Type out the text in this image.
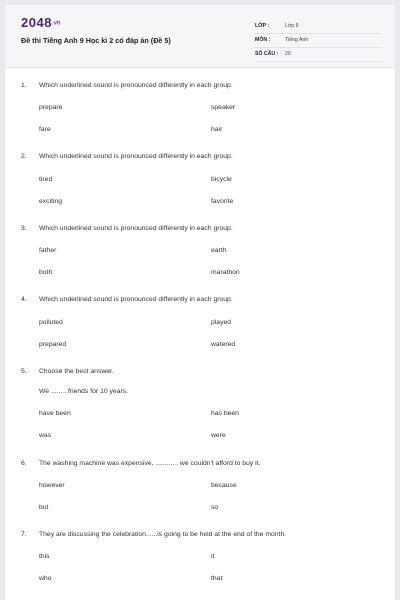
2048.vn
Đề thi Tiếng Anh 9 Học kì 2 có đáp án (Đề 5)
LỚP :	Lớp 9
MÔN :	Tiếng Anh
SỐ CÂU : 20
1. Which underlined sound is pronounced differently in each group.
prepare	speaker
fare	hair
2. Which underlined sound is pronounced differently in each group.
tired	bicycle
exciting	favorite
3. Which underlined sound is pronounced differently in each group.
father	earth
both	marathon
4. Which underlined sound is pronounced differently in each group.
polluted	played
prepared	watered
5. Choose the best answer.
We .........friends for 10 years.
have been	has been
was	were
6. The washing machine was expensive, ............ we couldn't afford to buy it.
however	because
but	so
7. They are discussing the celebration......is going to be held at the end of the month.
this	it
who	that
